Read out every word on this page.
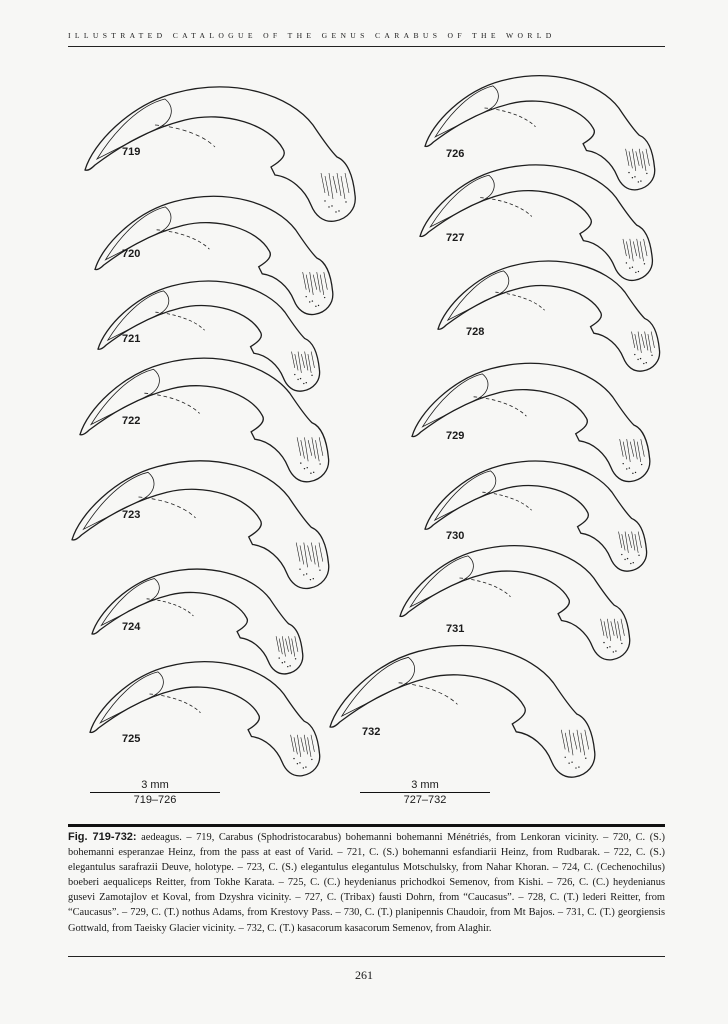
ILLUSTRATED CATALOGUE OF THE GENUS CARABUS OF THE WORLD
719
720
721
722
723
724
725
726
727
728
729
730
731
732
3 mm
719–726
3 mm
727–732
Fig. 719-732: aedeagus. – 719, Carabus (Sphodristocarabus) bohemanni bohemanni Ménétriés, from Lenkoran vicinity. – 720, C. (S.) bohemanni esperanzae Heinz, from the pass at east of Varid. – 721, C. (S.) bohemanni esfandiarii Heinz, from Rudbarak. – 722, C. (S.) elegantulus sarafrazii Deuve, holotype. – 723, C. (S.) elegantulus elegantulus Motschulsky, from Nahar Khoran. – 724, C. (Cechenochilus) boeberi aequaliceps Reitter, from Tokhe Karata. – 725, C. (C.) heydenianus prichodkoi Semenov, from Kishi. – 726, C. (C.) heydenianus gusevi Zamotajlov et Koval, from Dzyshra vicinity. – 727, C. (Tribax) fausti Dohrn, from “Caucasus”. – 728, C. (T.) lederi Reitter, from “Caucasus”. – 729, C. (T.) nothus Adams, from Krestovy Pass. – 730, C. (T.) planipennis Chaudoir, from Mt Bajos. – 731, C. (T.) georgiensis Gottwald, from Taeisky Glacier vicinity. – 732, C. (T.) kasacorum kasacorum Semenov, from Alaghir.
261
